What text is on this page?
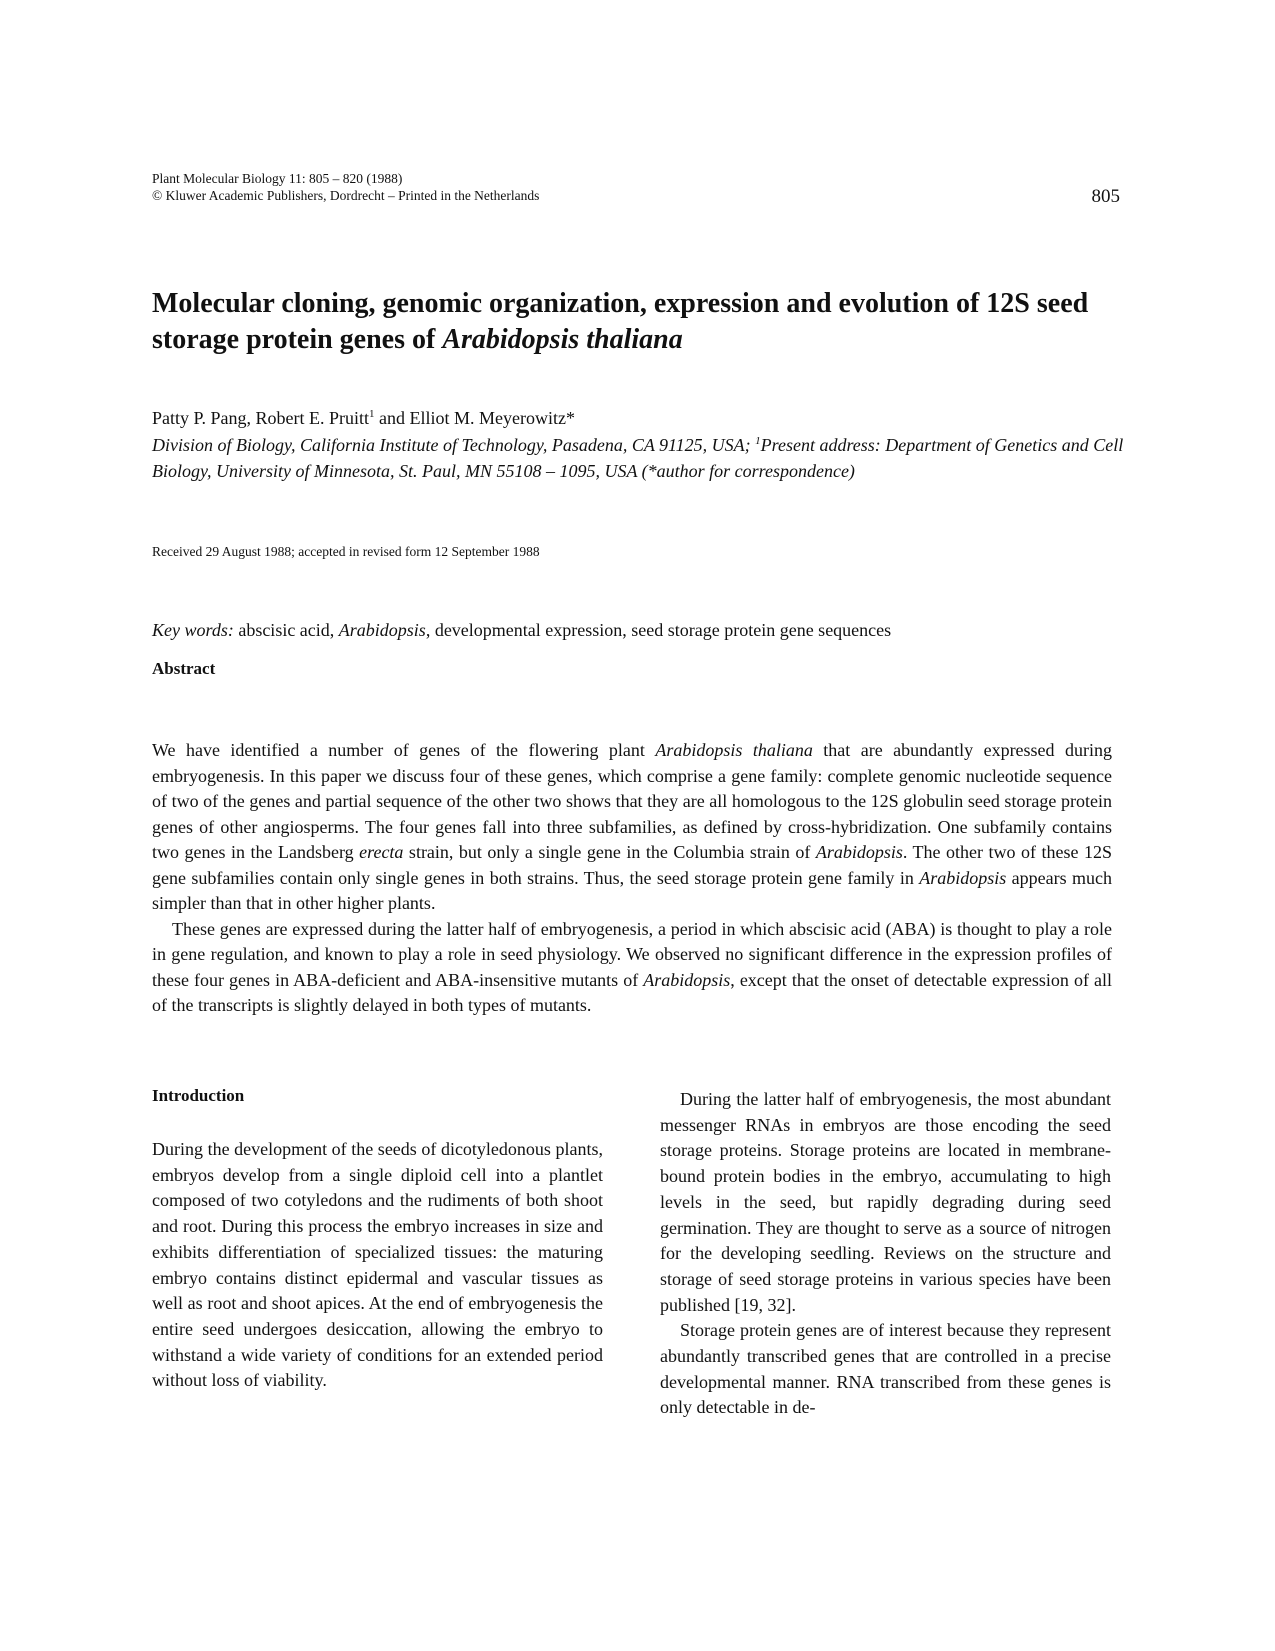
Plant Molecular Biology 11: 805 – 820 (1988)
© Kluwer Academic Publishers, Dordrecht – Printed in the Netherlands	805
Molecular cloning, genomic organization, expression and evolution of 12S seed storage protein genes of Arabidopsis thaliana
Patty P. Pang, Robert E. Pruitt$^1$ and Elliot M. Meyerowitz*
Division of Biology, California Institute of Technology, Pasadena, CA 91125, USA; $^1$Present address: Department of Genetics and Cell Biology, University of Minnesota, St. Paul, MN 55108 – 1095, USA (*author for correspondence)
Received 29 August 1988; accepted in revised form 12 September 1988
Key words: abscisic acid, Arabidopsis, developmental expression, seed storage protein gene sequences
Abstract

We have identified a number of genes of the flowering plant Arabidopsis thaliana that are abundantly expressed during embryogenesis. In this paper we discuss four of these genes, which comprise a gene family: complete genomic nucleotide sequence of two of the genes and partial sequence of the other two shows that they are all homologous to the 12S globulin seed storage protein genes of other angiosperms. The four genes fall into three subfamilies, as defined by cross-hybridization. One subfamily contains two genes in the Landsberg erecta strain, but only a single gene in the Columbia strain of Arabidopsis. The other two of these 12S gene subfamilies contain only single genes in both strains. Thus, the seed storage protein gene family in Arabidopsis appears much simpler than that in other higher plants.

These genes are expressed during the latter half of embryogenesis, a period in which abscisic acid (ABA) is thought to play a role in gene regulation, and known to play a role in seed physiology. We observed no significant difference in the expression profiles of these four genes in ABA-deficient and ABA-insensitive mutants of Arabidopsis, except that the onset of detectable expression of all of the transcripts is slightly delayed in both types of mutants.

Introduction

During the development of the seeds of dicotyledonous plants, embryos develop from a single diploid cell into a plantlet composed of two cotyledons and the rudiments of both shoot and root. During this process the embryo increases in size and exhibits differentiation of specialized tissues: the maturing embryo contains distinct epidermal and vascular tissues as well as root and shoot apices. At the end of embryogenesis the entire seed undergoes desiccation, allowing the embryo to withstand a wide variety of conditions for an extended period without loss of viability.

During the latter half of embryogenesis, the most abundant messenger RNAs in embryos are those encoding the seed storage proteins. Storage proteins are located in membrane-bound protein bodies in the embryo, accumulating to high levels in the seed, but rapidly degrading during seed germination. They are thought to serve as a source of nitrogen for the developing seedling. Reviews on the structure and storage of seed storage proteins in various species have been published [19, 32].

Storage protein genes are of interest because they represent abundantly transcribed genes that are controlled in a precise developmental manner. RNA transcribed from these genes is only detectable in de-
